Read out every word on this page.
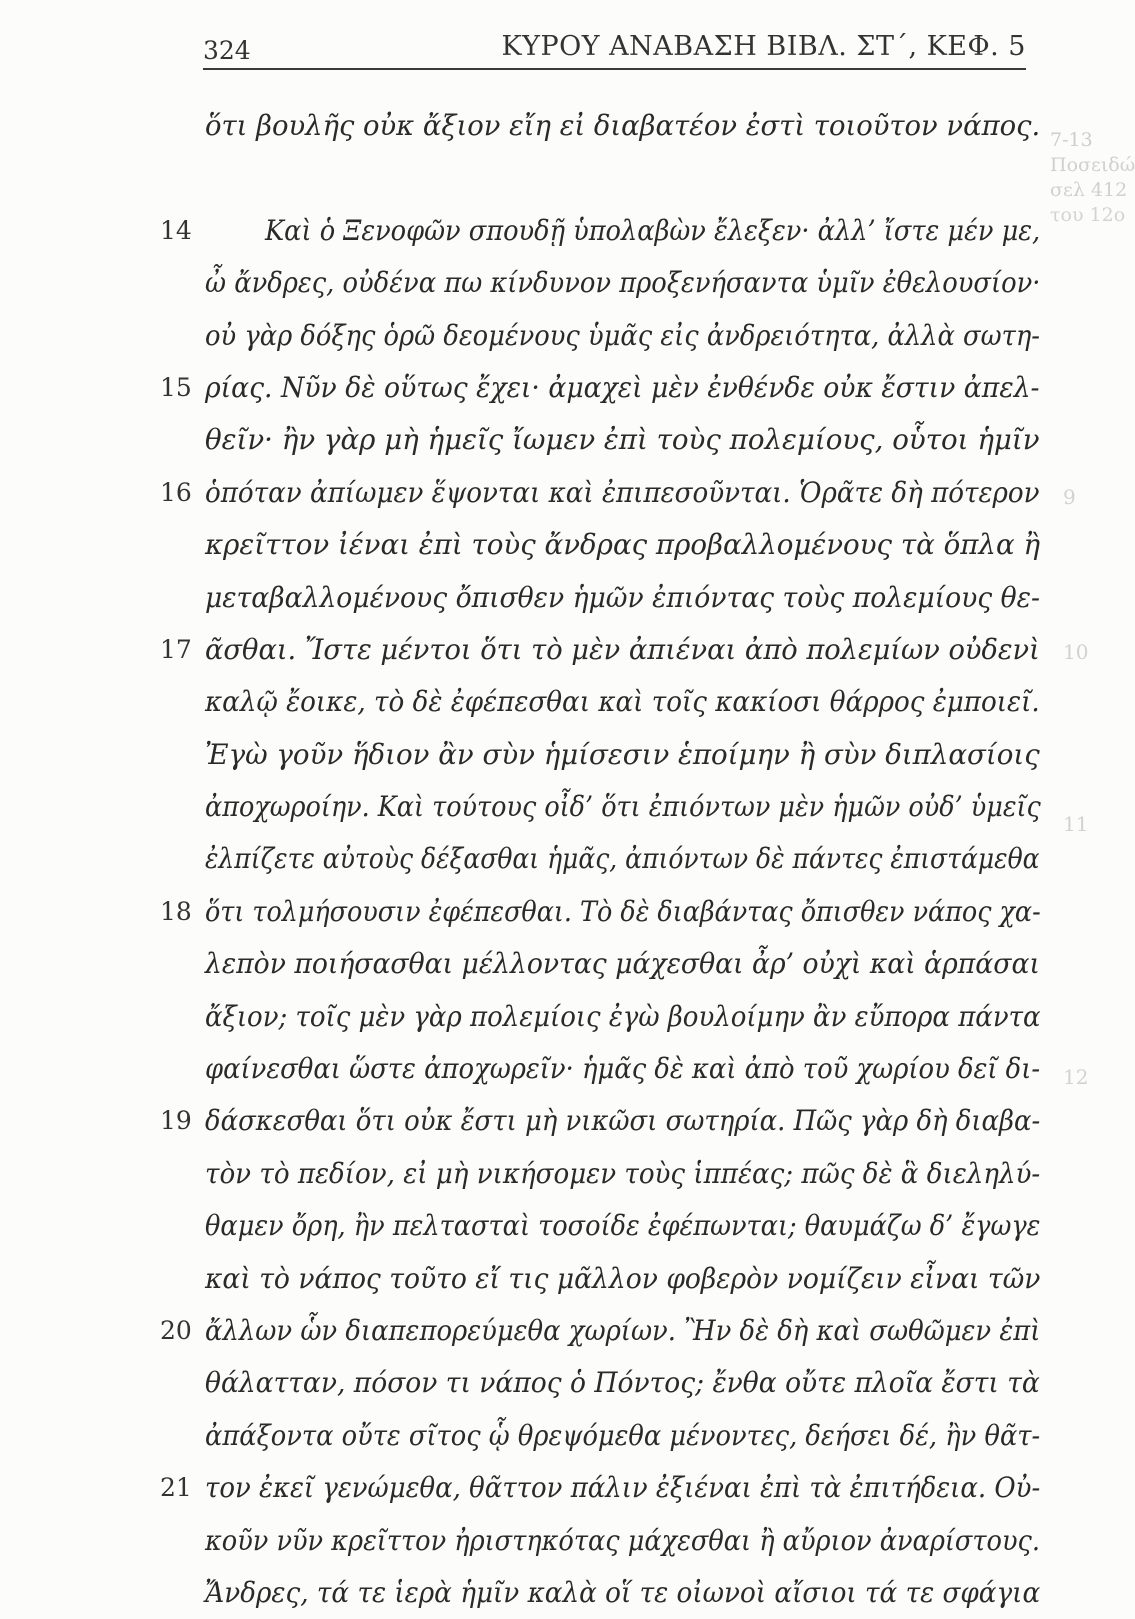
7-13
Ποσειδώ
σελ 412
του 12ο
9
10
11
12
324	ΚΥΡΟΥ ΑΝΑΒΑΣΗ ΒΙΒΛ. ΣΤ΄, ΚΕΦ. 5
ὅτι βουλῆς οὐκ ἄξιον εἴη εἰ διαβατέον ἐστὶ τοιοῦτον νάπος.
14	Καὶ ὁ Ξενοφῶν σπουδῇ ὑπολαβὼν ἔλεξεν· ἀλλ’ ἴστε μέν με,
ὦ ἄνδρες, οὐδένα πω κίνδυνον προξενήσαντα ὑμῖν ἐθελουσίον·
οὐ γὰρ δόξης ὁρῶ δεομένους ὑμᾶς εἰς ἀνδρειότητα, ἀλλὰ σωτη-
15 ρίας. Νῦν δὲ οὕτως ἔχει· ἀμαχεὶ μὲν ἐνθένδε οὐκ ἔστιν ἀπελ-
θεῖν· ἢν γὰρ μὴ ἡμεῖς ἴωμεν ἐπὶ τοὺς πολεμίους, οὗτοι ἡμῖν
16 ὁπόταν ἀπίωμεν ἕψονται καὶ ἐπιπεσοῦνται. Ὁρᾶτε δὴ πότερον
κρεῖττον ἰέναι ἐπὶ τοὺς ἄνδρας προβαλλομένους τὰ ὅπλα ἢ
μεταβαλλομένους ὄπισθεν ἡμῶν ἐπιόντας τοὺς πολεμίους θε-
17 ᾶσθαι. Ἴστε μέντοι ὅτι τὸ μὲν ἀπιέναι ἀπὸ πολεμίων οὐδενὶ
καλῷ ἔοικε, τὸ δὲ ἐφέπεσθαι καὶ τοῖς κακίοσι θάρρος ἐμποιεῖ.
Ἐγὼ γοῦν ἥδιον ἂν σὺν ἡμίσεσιν ἑποίμην ἢ σὺν διπλασίοις
ἀποχωροίην. Καὶ τούτους οἶδ’ ὅτι ἐπιόντων μὲν ἡμῶν οὐδ’ ὑμεῖς
ἐλπίζετε αὐτοὺς δέξασθαι ἡμᾶς, ἀπιόντων δὲ πάντες ἐπιστάμεθα
18 ὅτι τολμήσουσιν ἐφέπεσθαι. Τὸ δὲ διαβάντας ὄπισθεν νάπος χα-
λεπὸν ποιήσασθαι μέλλοντας μάχεσθαι ἆρ’ οὐχὶ καὶ ἁρπάσαι
ἄξιον; τοῖς μὲν γὰρ πολεμίοις ἐγὼ βουλοίμην ἂν εὔπορα πάντα
φαίνεσθαι ὥστε ἀποχωρεῖν· ἡμᾶς δὲ καὶ ἀπὸ τοῦ χωρίου δεῖ δι-
19 δάσκεσθαι ὅτι οὐκ ἔστι μὴ νικῶσι σωτηρία. Πῶς γὰρ δὴ διαβα-
τὸν τὸ πεδίον, εἰ μὴ νικήσομεν τοὺς ἱππέας; πῶς δὲ ἃ διεληλύ-
θαμεν ὄρη, ἢν πελτασταὶ τοσοίδε ἐφέπωνται; θαυμάζω δ’ ἔγωγε
καὶ τὸ νάπος τοῦτο εἴ τις μᾶλλον φοβερὸν νομίζειν εἶναι τῶν
20 ἄλλων ὧν διαπεπορεύμεθα χωρίων. Ἢν δὲ δὴ καὶ σωθῶμεν ἐπὶ
θάλατταν, πόσον τι νάπος ὁ Πόντος; ἔνθα οὔτε πλοῖα ἔστι τὰ
ἀπάξοντα οὔτε σῖτος ᾧ θρεψόμεθα μένοντες, δεήσει δέ, ἢν θᾶτ-
21 τον ἐκεῖ γενώμεθα, θᾶττον πάλιν ἐξιέναι ἐπὶ τὰ ἐπιτήδεια. Οὐ-
κοῦν νῦν κρεῖττον ἠριστηκότας μάχεσθαι ἢ αὔριον ἀναρίστους.
Ἄνδρες, τά τε ἱερὰ ἡμῖν καλὰ οἵ τε οἰωνοὶ αἴσιοι τά τε σφάγια
